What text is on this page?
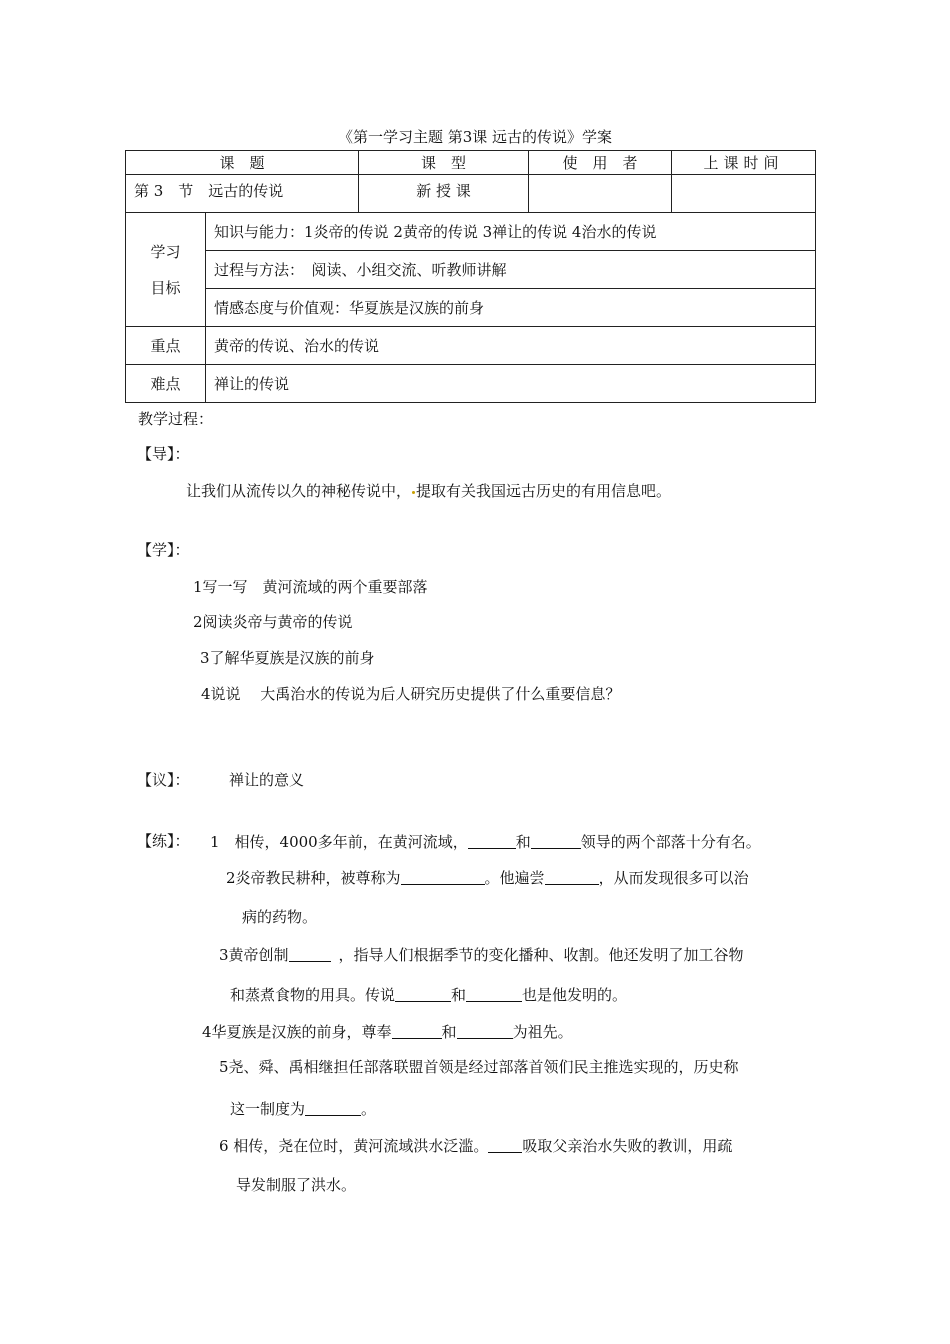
《第一学习主题 第3课 远古的传说》学案
课　题		课　型	使　用　者	上课时间
第 3　节　远古的传说		新 授 课		

学习
目标	知识与能力：1炎帝的传说 2黄帝的传说 3禅让的传说 4治水的传说			
	过程与方法：　阅读、小组交流、听教师讲解			
	情感态度与价值观：华夏族是汉族的前身			
重点	黄帝的传说、治水的传说			
难点	禅让的传说			
教学过程：
【导】：
让我们从流传以久的神秘传说中， 提取有关我国远古历史的有用信息吧。
【学】：
1写一写　黄河流域的两个重要部落
2阅读炎帝与黄帝的传说
3了解华夏族是汉族的前身
4说说　 大禹治水的传说为后人研究历史提供了什么重要信息？
【议】：	禅让的意义
【练】： 1　相传，4000多年前，在黄河流域，	和	领导的两个部落十分有名。
2炎帝教民耕种，被尊称为	。他遍尝	，从而发现很多可以治
病的药物。
3黄帝创制	，指导人们根据季节的变化播种、收割。他还发明了加工谷物
和蒸煮食物的用具。传说	和	也是他发明的。
4华夏族是汉族的前身，尊奉	和	为祖先。
5尧、舜、禹相继担任部落联盟首领是经过部落首领们民主推选实现的，历史称
这一制度为	。
6 相传，尧在位时，黄河流域洪水泛滥。 吸取父亲治水失败的教训，用疏
导发制服了洪水。
